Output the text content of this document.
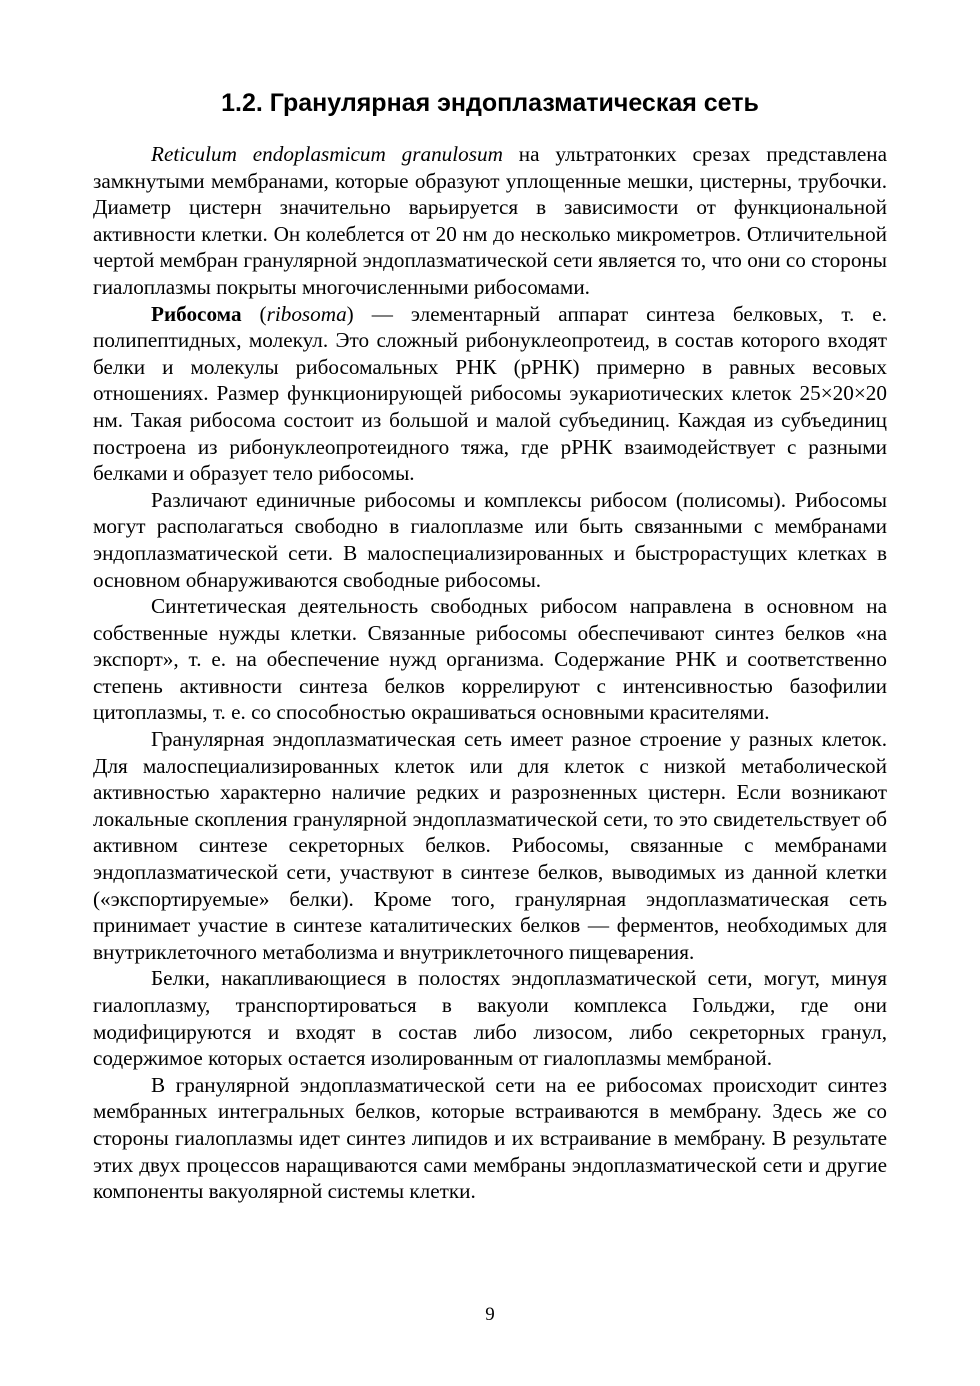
1.2. Гранулярная эндоплазматическая сеть

Reticulum endoplasmicum granulosum на ультратонких срезах представлена замкнутыми мембранами, которые образуют уплощенные мешки, цистерны, трубочки. Диаметр цистерн значительно варьируется в зависимости от функциональной активности клетки. Он колеблется от 20 нм до несколько микрометров. Отличительной чертой мембран гранулярной эндоплазматической сети является то, что они со стороны гиалоплазмы покрыты многочисленными рибосомами.

Рибосома (ribosoma) — элементарный аппарат синтеза белковых, т. е. полипептидных, молекул. Это сложный рибонуклеопротеид, в состав которого входят белки и молекулы рибосомальных РНК (рРНК) примерно в равных весовых отношениях. Размер функционирующей рибосомы эукариотических клеток 25×20×20 нм. Такая рибосома состоит из большой и малой субъединиц. Каждая из субъединиц построена из рибонуклеопротеидного тяжа, где рРНК взаимодействует с разными белками и образует тело рибосомы.

Различают единичные рибосомы и комплексы рибосом (полисомы). Рибосомы могут располагаться свободно в гиалоплазме или быть связанными с мембранами эндоплазматической сети. В малоспециализированных и быстрорастущих клетках в основном обнаруживаются свободные рибосомы.

Синтетическая деятельность свободных рибосом направлена в основном на собственные нужды клетки. Связанные рибосомы обеспечивают синтез белков «на экспорт», т. е. на обеспечение нужд организма. Содержание РНК и соответственно степень активности синтеза белков коррелируют с интенсивностью базофилии цитоплазмы, т. е. со способностью окрашиваться основными красителями.

Гранулярная эндоплазматическая сеть имеет разное строение у разных клеток. Для малоспециализированных клеток или для клеток с низкой метаболической активностью характерно наличие редких и разрозненных цистерн. Если возникают локальные скопления гранулярной эндоплазматической сети, то это свидетельствует об активном синтезе секреторных белков. Рибосомы, связанные с мембранами эндоплазматической сети, участвуют в синтезе белков, выводимых из данной клетки («экспортируемые» белки). Кроме того, гранулярная эндоплазматическая сеть принимает участие в синтезе каталитических белков — ферментов, необходимых для внутриклеточного метаболизма и внутриклеточного пищеварения.

Белки, накапливающиеся в полостях эндоплазматической сети, могут, минуя гиалоплазму, транспортироваться в вакуоли комплекса Гольджи, где они модифицируются и входят в состав либо лизосом, либо секреторных гранул, содержимое которых остается изолированным от гиалоплазмы мембраной.

В гранулярной эндоплазматической сети на ее рибосомах происходит синтез мембранных интегральных белков, которые встраиваются в мембрану. Здесь же со стороны гиалоплазмы идет синтез липидов и их встраивание в мембрану. В результате этих двух процессов наращиваются сами мембраны эндоплазматической сети и другие компоненты вакуолярной системы клетки.

9
